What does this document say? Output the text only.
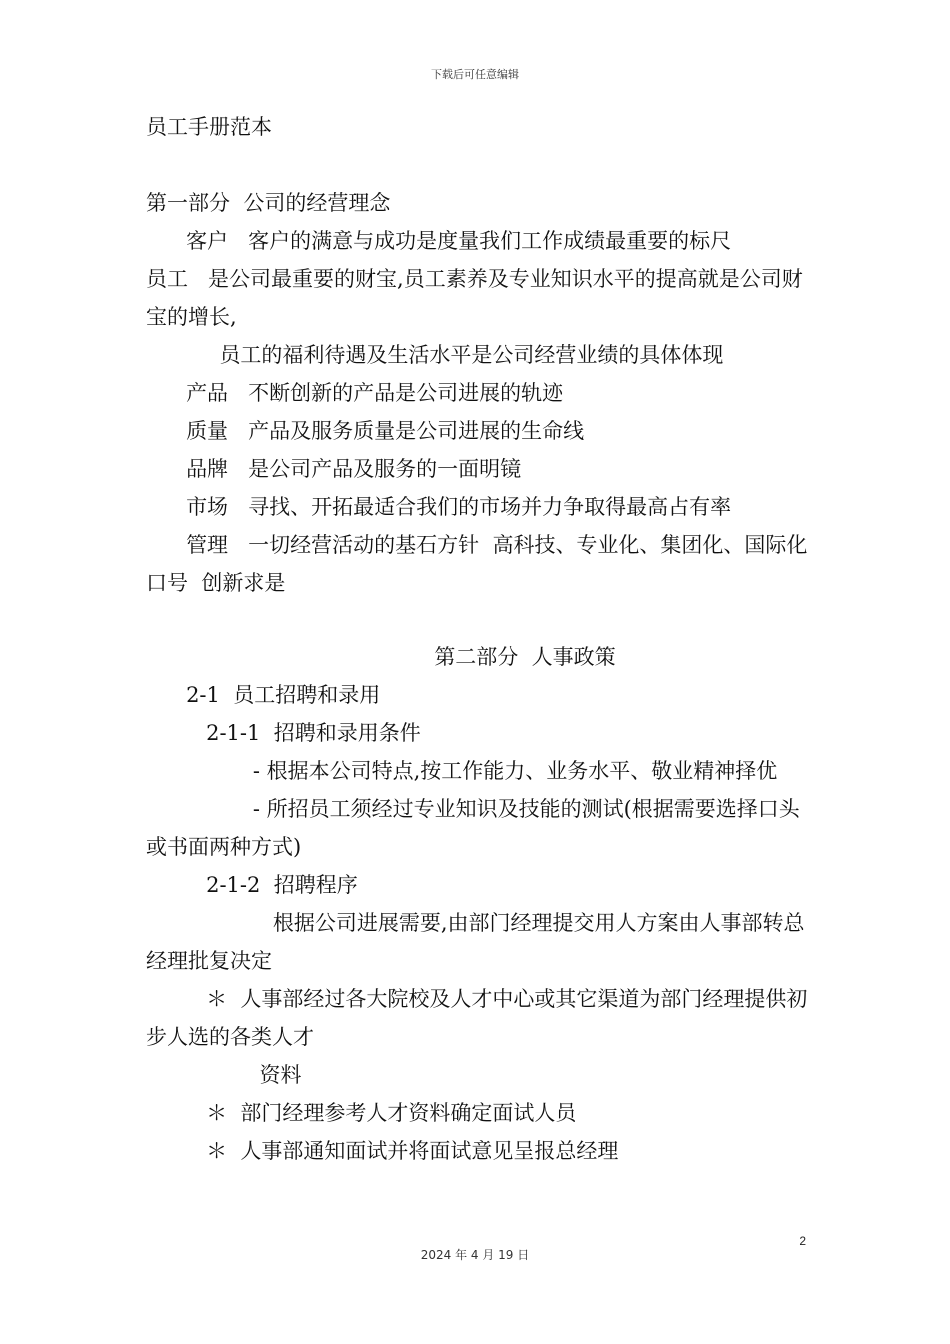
下载后可任意编辑

员工手册范本

第一部分  公司的经营理念

客户   客户的满意与成功是度量我们工作成绩最重要的标尺

员工   是公司最重要的财宝,员工素养及专业知识水平的提高就是公司财宝的增长,

员工的福利待遇及生活水平是公司经营业绩的具体体现

产品   不断创新的产品是公司进展的轨迹

质量   产品及服务质量是公司进展的生命线

品牌   是公司产品及服务的一面明镜

市场   寻找、开拓最适合我们的市场并力争取得最高占有率

管理   一切经营活动的基石方针  高科技、专业化、集团化、国际化口号  创新求是

第二部分  人事政策

2-1  员工招聘和录用

2-1-1  招聘和录用条件

- 根据本公司特点,按工作能力、业务水平、敬业精神择优

- 所招员工须经过专业知识及技能的测试(根据需要选择口头或书面两种方式)

2-1-2  招聘程序

根据公司进展需要,由部门经理提交用人方案由人事部转总经理批复决定

＊  人事部经过各大院校及人才中心或其它渠道为部门经理提供初步人选的各类人才

资料

＊  部门经理参考人才资料确定面试人员

＊  人事部通知面试并将面试意见呈报总经理

2
2024 年 4 月 19 日
